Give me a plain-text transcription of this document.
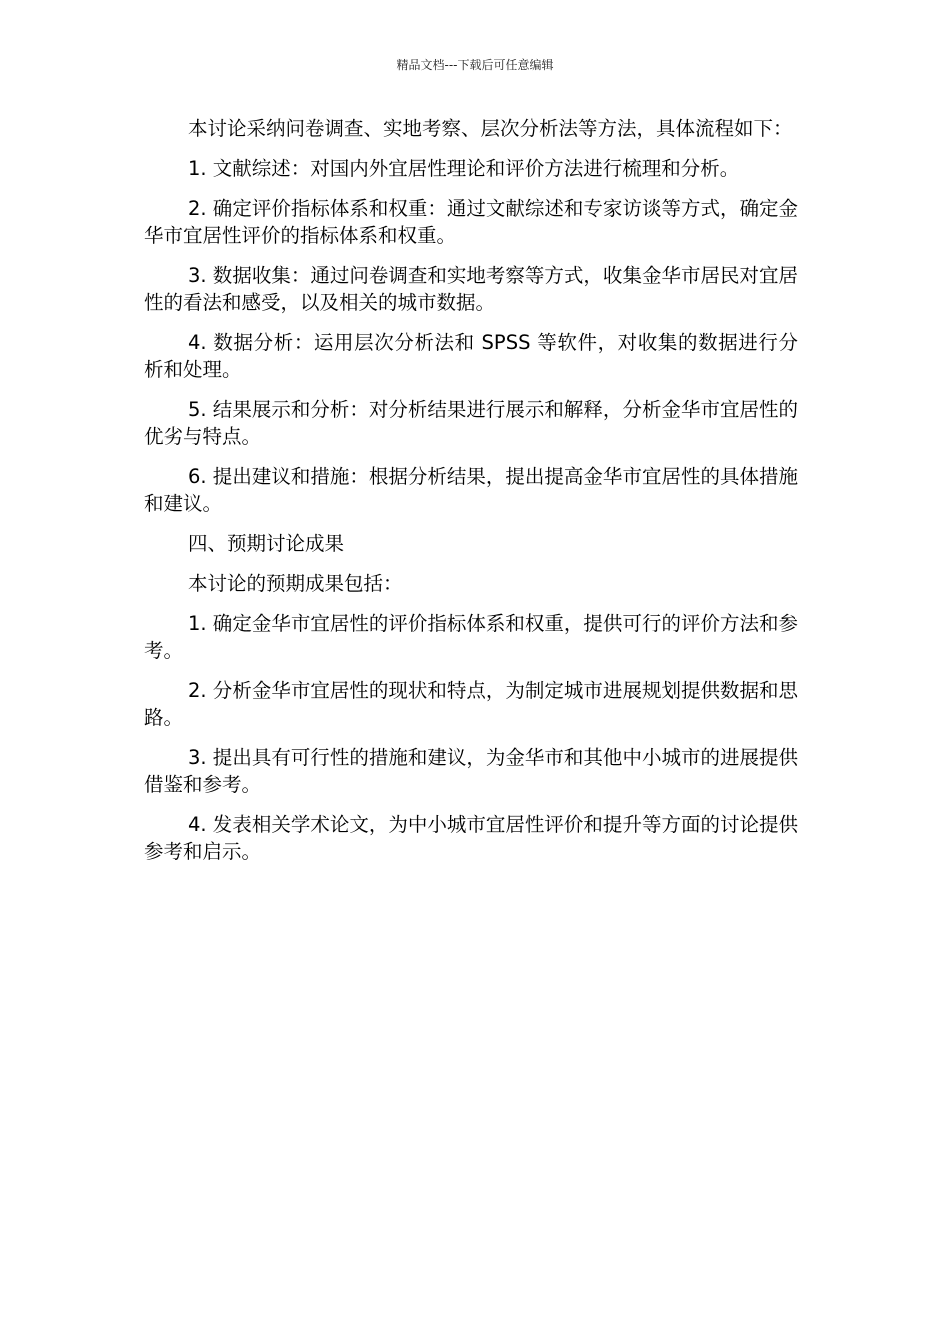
精品文档---下载后可任意编辑

本讨论采纳问卷调查、实地考察、层次分析法等方法，具体流程如下：

1. 文献综述：对国内外宜居性理论和评价方法进行梳理和分析。

2. 确定评价指标体系和权重：通过文献综述和专家访谈等方式，确定金华市宜居性评价的指标体系和权重。

3. 数据收集：通过问卷调查和实地考察等方式，收集金华市居民对宜居性的看法和感受，以及相关的城市数据。

4. 数据分析：运用层次分析法和 SPSS 等软件，对收集的数据进行分析和处理。

5. 结果展示和分析：对分析结果进行展示和解释，分析金华市宜居性的优劣与特点。

6. 提出建议和措施：根据分析结果，提出提高金华市宜居性的具体措施和建议。

四、预期讨论成果

本讨论的预期成果包括：

1. 确定金华市宜居性的评价指标体系和权重，提供可行的评价方法和参考。

2. 分析金华市宜居性的现状和特点，为制定城市进展规划提供数据和思路。

3. 提出具有可行性的措施和建议，为金华市和其他中小城市的进展提供借鉴和参考。

4. 发表相关学术论文，为中小城市宜居性评价和提升等方面的讨论提供参考和启示。
